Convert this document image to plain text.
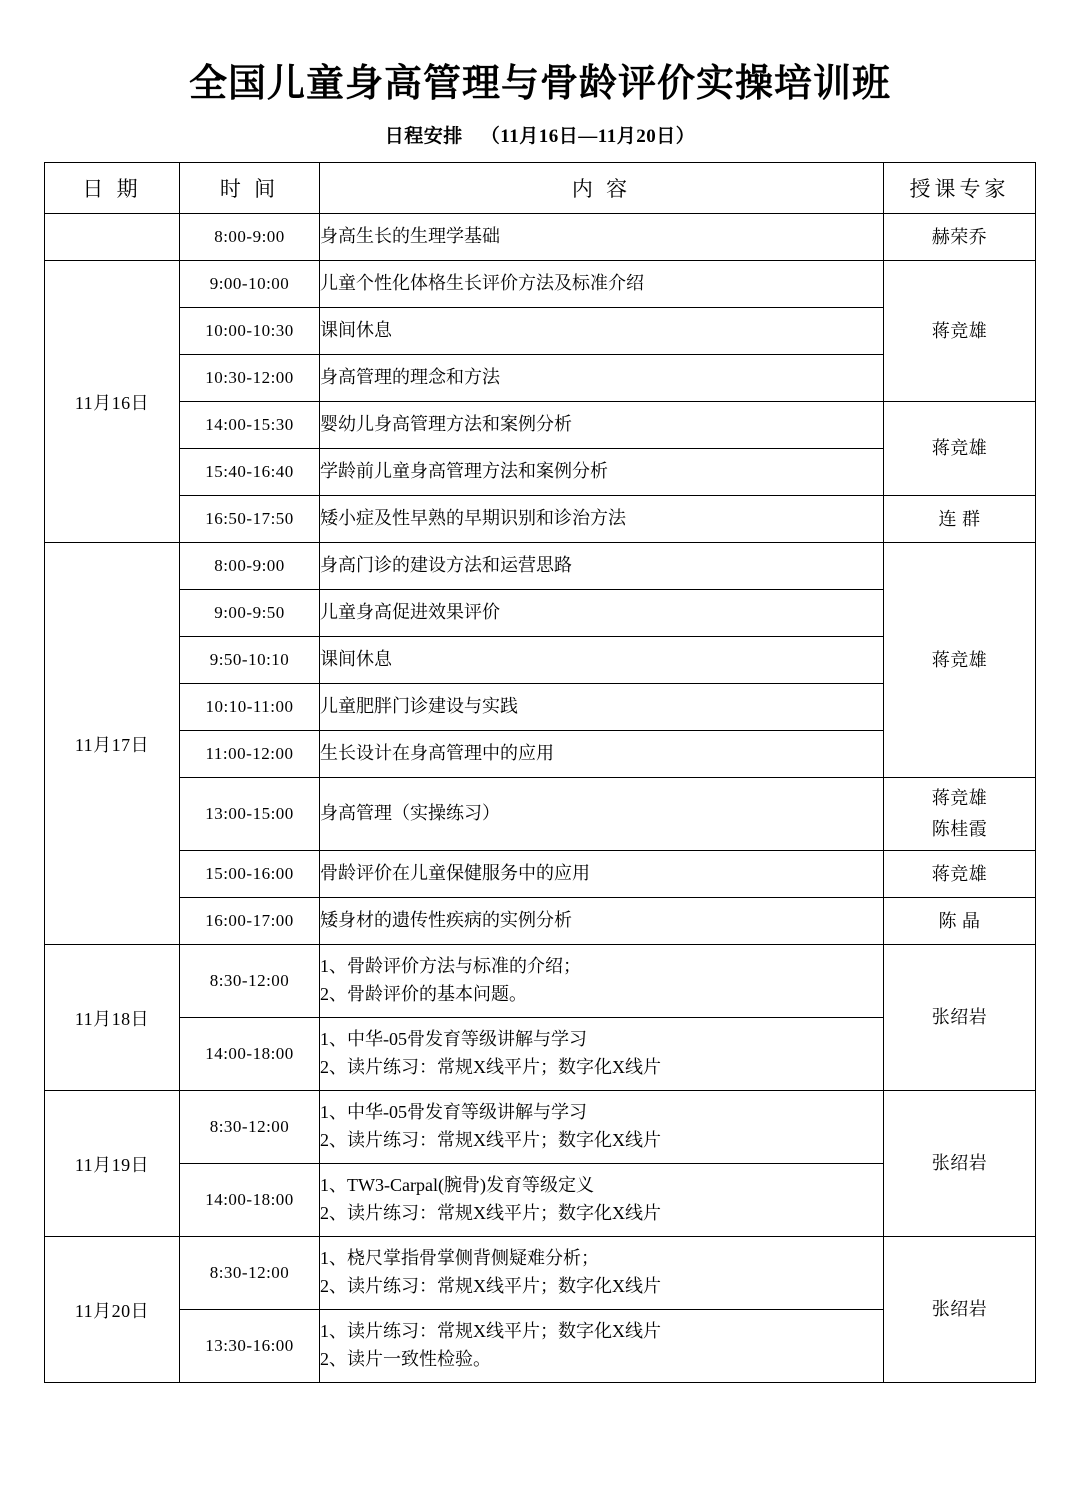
全国儿童身高管理与骨龄评价实操培训班
日程安排 （11月16日—11月20日）
日 期	时 间	内 容	授课专家
	8:00-9:00	身高生长的生理学基础	赫荣乔

11月16日	9:00-10:00	儿童个性化体格生长评价方法及标准介绍	蒋竞雄

	10:00-10:30	课间休息	

	10:30-12:00	身高管理的理念和方法	

	14:00-15:30	婴幼儿身高管理方法和案例分析	蒋竞雄

	15:40-16:40	学龄前儿童身高管理方法和案例分析	

	16:50-17:50	矮小症及性早熟的早期识别和诊治方法	连 群

11月17日	8:00-9:00	身高门诊的建设方法和运营思路	蒋竞雄

	9:00-9:50	儿童身高促进效果评价	

	9:50-10:10	课间休息	

	10:10-11:00	儿童肥胖门诊建设与实践	

	11:00-12:00	生长设计在身高管理中的应用	

	13:00-15:00	身高管理（实操练习）	蒋竞雄
陈桂霞

	15:00-16:00	骨龄评价在儿童保健服务中的应用	蒋竞雄

	16:00-17:00	矮身材的遗传性疾病的实例分析	陈 晶

11月18日	8:30-12:00	1、骨龄评价方法与标准的介绍；
2、骨龄评价的基本问题。	张绍岩

	14:00-18:00	1、中华-05骨发育等级讲解与学习
2、读片练习：常规X线平片；数字化X线片	

11月19日	8:30-12:00	1、中华-05骨发育等级讲解与学习
2、读片练习：常规X线平片；数字化X线片	张绍岩

	14:00-18:00	1、TW3-Carpal(腕骨)发育等级定义
2、读片练习：常规X线平片；数字化X线片	

11月20日	8:30-12:00	1、桡尺掌指骨掌侧背侧疑难分析；
2、读片练习：常规X线平片；数字化X线片	张绍岩

	13:30-16:00	1、读片练习：常规X线平片；数字化X线片
2、读片一致性检验。	
